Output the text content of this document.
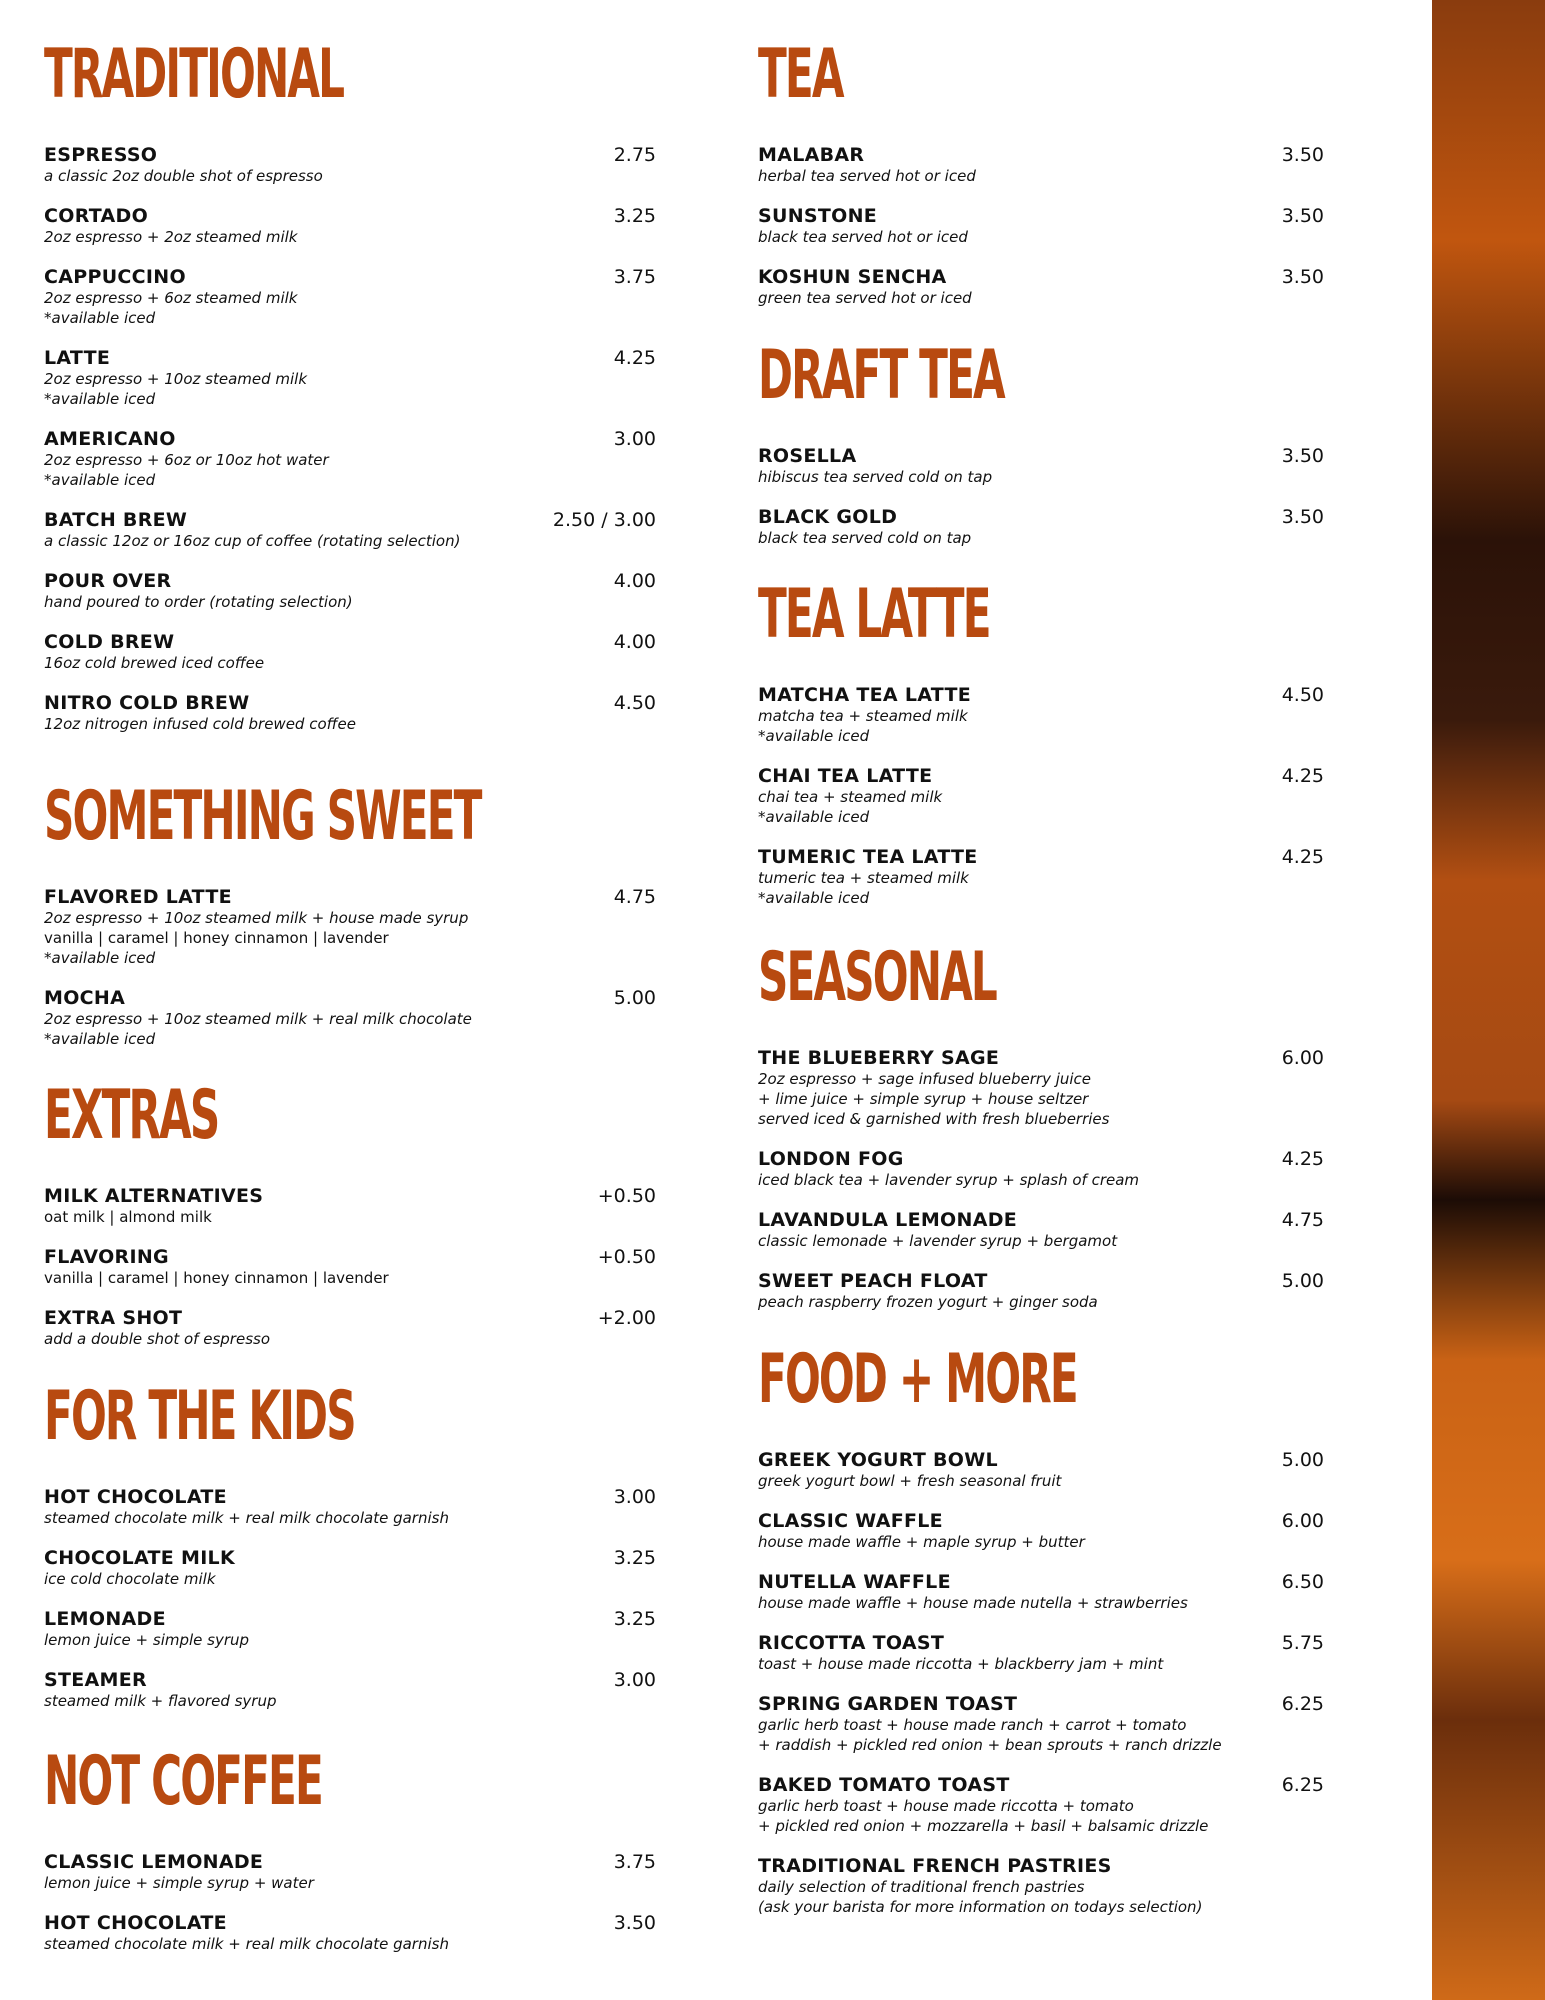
TRADITIONAL
ESPRESSO
a classic 2oz double shot of espresso
2.75
CORTADO
2oz espresso + 2oz steamed milk
3.25
CAPPUCCINO
2oz espresso + 6oz steamed milk
*available iced
3.75
LATTE
2oz espresso + 10oz steamed milk
*available iced
4.25
AMERICANO
2oz espresso + 6oz or 10oz hot water
*available iced
3.00
BATCH BREW
a classic 12oz or 16oz cup of coffee (rotating selection)
2.50 / 3.00
POUR OVER
hand poured to order (rotating selection)
4.00
COLD BREW
16oz cold brewed iced coffee
4.00
NITRO COLD BREW
12oz nitrogen infused cold brewed coffee
4.50
SOMETHING SWEET
FLAVORED LATTE
2oz espresso + 10oz steamed milk + house made syrup
vanilla | caramel | honey cinnamon | lavender
*available iced
4.75
MOCHA
2oz espresso + 10oz steamed milk + real milk chocolate
*available iced
5.00
EXTRAS
MILK ALTERNATIVES
oat milk | almond milk
+0.50
FLAVORING
vanilla | caramel | honey cinnamon | lavender
+0.50
EXTRA SHOT
add a double shot of espresso
+2.00
FOR THE KIDS
HOT CHOCOLATE
steamed chocolate milk + real milk chocolate garnish
3.00
CHOCOLATE MILK
ice cold chocolate milk
3.25
LEMONADE
lemon juice + simple syrup
3.25
STEAMER
steamed milk + flavored syrup
3.00
NOT COFFEE
CLASSIC LEMONADE
lemon juice + simple syrup + water
3.75
HOT CHOCOLATE
steamed chocolate milk + real milk chocolate garnish
3.50
TEA
MALABAR
herbal tea served hot or iced
3.50
SUNSTONE
black tea served hot or iced
3.50
KOSHUN SENCHA
green tea served hot or iced
3.50
DRAFT TEA
ROSELLA
hibiscus tea served cold on tap
3.50
BLACK GOLD
black tea served cold on tap
3.50
TEA LATTE
MATCHA TEA LATTE
matcha tea + steamed milk
*available iced
4.50
CHAI TEA LATTE
chai tea + steamed milk
*available iced
4.25
TUMERIC TEA LATTE
tumeric tea + steamed milk
*available iced
4.25
SEASONAL
THE BLUEBERRY SAGE
2oz espresso + sage infused blueberry juice
+ lime juice + simple syrup + house seltzer
served iced & garnished with fresh blueberries
6.00
LONDON FOG
iced black tea + lavender syrup + splash of cream
4.25
LAVANDULA LEMONADE
classic lemonade + lavender syrup + bergamot
4.75
SWEET PEACH FLOAT
peach raspberry frozen yogurt + ginger soda
5.00
FOOD + MORE
GREEK YOGURT BOWL
greek yogurt bowl + fresh seasonal fruit
5.00
CLASSIC WAFFLE
house made waffle + maple syrup + butter
6.00
NUTELLA WAFFLE
house made waffle + house made nutella + strawberries
6.50
RICCOTTA TOAST
toast + house made riccotta + blackberry jam + mint
5.75
SPRING GARDEN TOAST
garlic herb toast + house made ranch + carrot + tomato
+ raddish + pickled red onion + bean sprouts + ranch drizzle
6.25
BAKED TOMATO TOAST
garlic herb toast + house made riccotta + tomato
+ pickled red onion + mozzarella + basil + balsamic drizzle
6.25
TRADITIONAL FRENCH PASTRIES
daily selection of traditional french pastries
(ask your barista for more information on todays selection)
